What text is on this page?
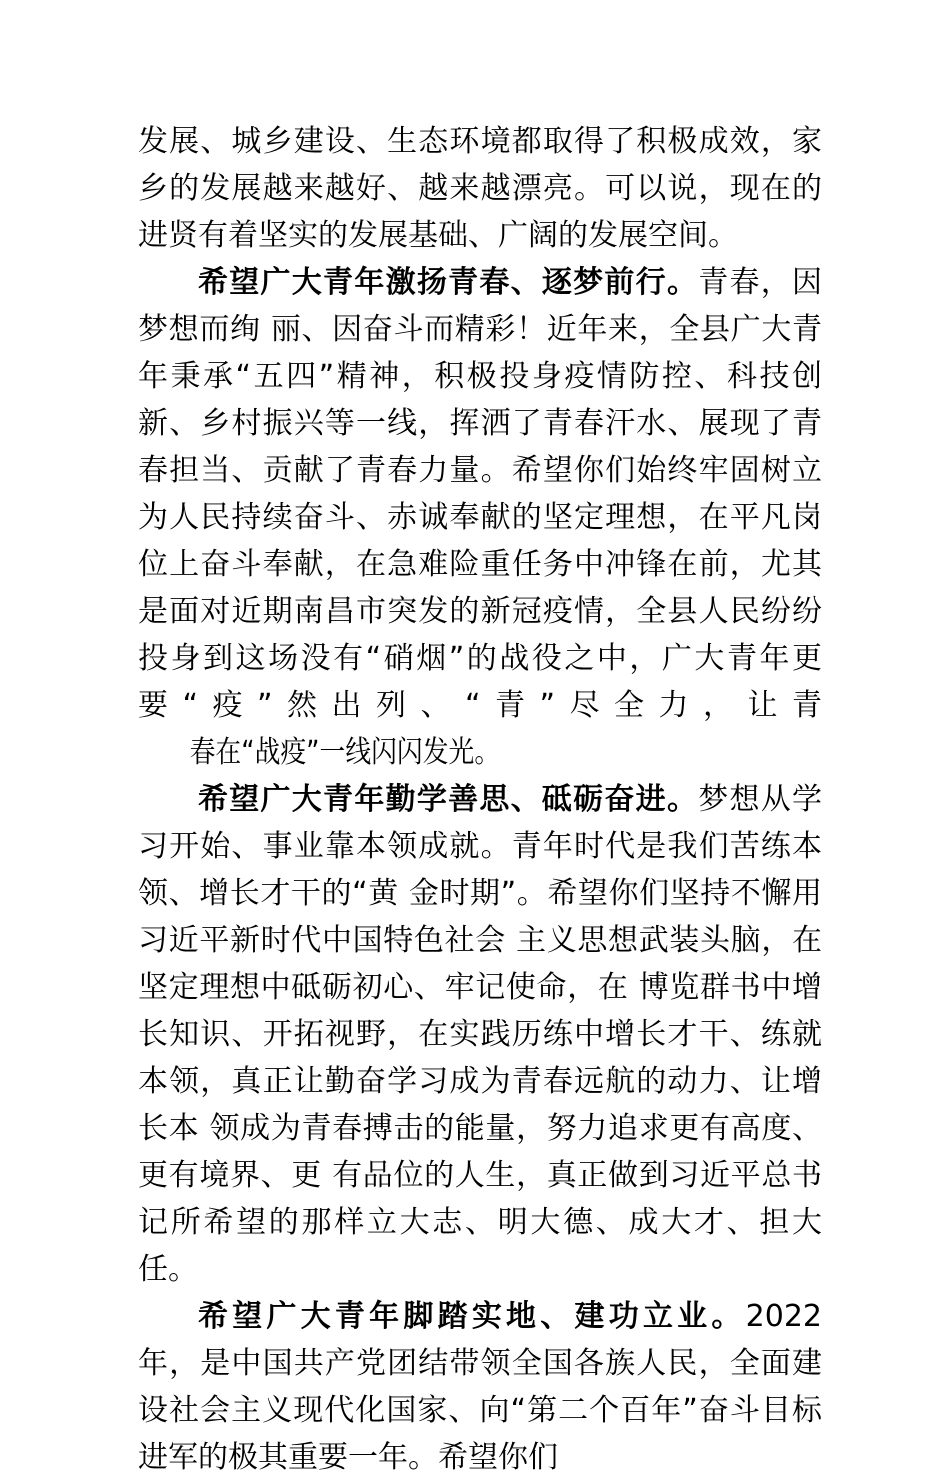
发展、城乡建设、生态环境都取得了积极成效，家乡的发展越来越好、越来越漂亮。可以说，现在的进贤有着坚实的发展基础、广阔的发展空间。

希望广大青年激扬青春、逐梦前行。青春，因梦想而绚 丽、因奋斗而精彩！近年来，全县广大青年秉承“五四”精神，积极投身疫情防控、科技创新、乡村振兴等一线，挥洒了青春汗水、展现了青春担当、贡献了青春力量。希望你们始终牢固树立为人民持续奋斗、赤诚奉献的坚定理想，在平凡岗位上奋斗奉献，在急难险重任务中冲锋在前，尤其是面对近期南昌市突发的新冠疫情，全县人民纷纷投身到这场没有“硝烟”的战役之中，广大青年更要“疫”然出列、“青”尽全力，让青春在“战疫”一线闪闪发光。

希望广大青年勤学善思、砥砺奋进。梦想从学习开始、事业靠本领成就。青年时代是我们苦练本领、增长才干的“黄 金时期”。希望你们坚持不懈用习近平新时代中国特色社会 主义思想武装头脑，在坚定理想中砥砺初心、牢记使命，在 博览群书中增长知识、开拓视野，在实践历练中增长才干、练就本领，真正让勤奋学习成为青春远航的动力、让增长本 领成为青春搏击的能量，努力追求更有高度、更有境界、更 有品位的人生，真正做到习近平总书记所希望的那样立大志、明大德、成大才、担大任。

希望广大青年脚踏实地、建功立业。2022 年，是中国共产党团结带领全国各族人民，全面建设社会主义现代化国家、向“第二个百年”奋斗目标进军的极其重要一年。希望你们
